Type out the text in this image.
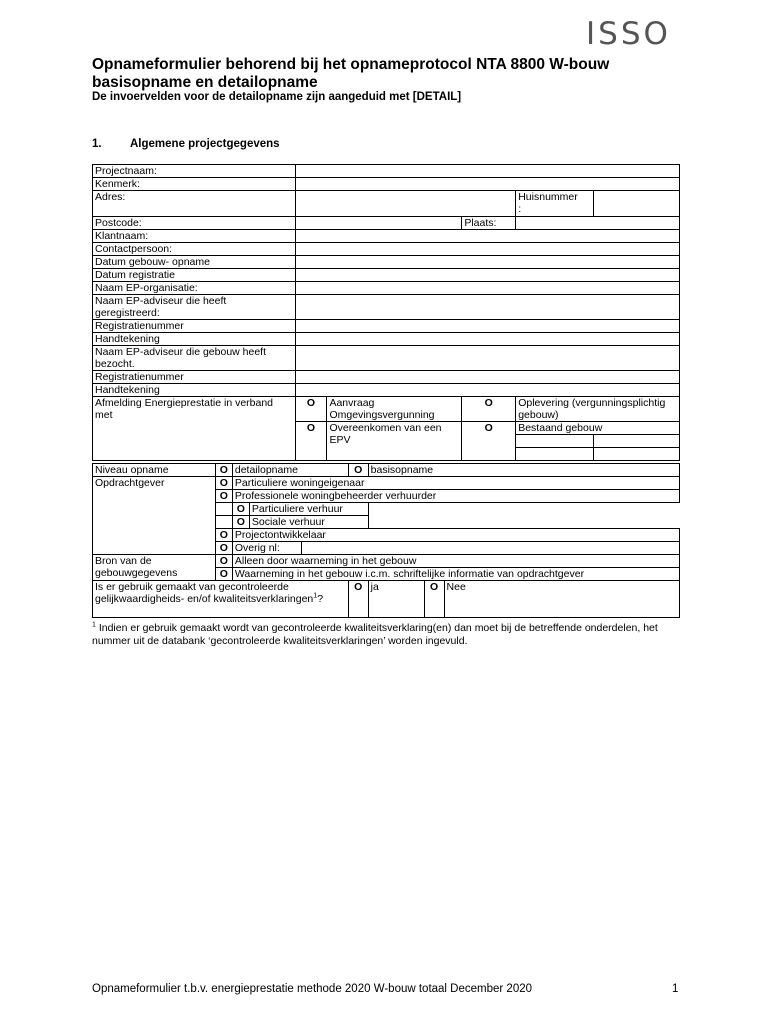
ISSO
Opnameformulier behorend bij het opnameprotocol NTA 8800 W-bouw basisopname en detailopname
De invoervelden voor de detailopname zijn aangeduid met [DETAIL]
1. Algemene projectgegevens
Projectnaam:					
Kenmerk:					
Adres:				Huisnummer
:	
Postcode:			Plaats:		
Klantnaam:					
Contactpersoon:					
Datum gebouw- opname					
Datum registratie					
Naam EP-organisatie:					
Naam EP-adviseur die heeft geregistreerd:					
Registratienummer					
Handtekening					
Naam EP-adviseur die gebouw heeft bezocht.					
Registratienummer					
Handtekening					
Afmelding Energieprestatie in verband met	O	Aanvraag Omgevingsvergunning	O	Oplevering (vergunningsplichtig gebouw)	
	O	Overeenkomen van een EPV	O	Bestaand gebouw	

Niveau opname	O	detailopname			O	basisopname		
Opdrachtgever	O	Particuliere woningeigenaar						
	O	Professionele woningbeheerder verhuurder						
		O	Particuliere verhuur					
		O	Sociale verhuur					
	O	Projectontwikkelaar						
	O	Overig nl:						
Bron van de gebouwgegevens	O	Alleen door waarneming in het gebouw						
	O	Waarneming in het gebouw i.c.m. schriftelijke informatie van opdrachtgever						
Is er gebruik gemaakt van gecontroleerde gelijkwaardigheids- en/of kwaliteitsverklaringen$^1$?					O	ja	O	Nee
$^1$ Indien er gebruik gemaakt wordt van gecontroleerde kwaliteitsverklaring(en) dan moet bij de betreffende onderdelen, het nummer uit de databank ‘gecontroleerde kwaliteitsverklaringen’ worden ingevuld.
Opnameformulier t.b.v. energieprestatie methode 2020 W-bouw totaal December 2020	1
